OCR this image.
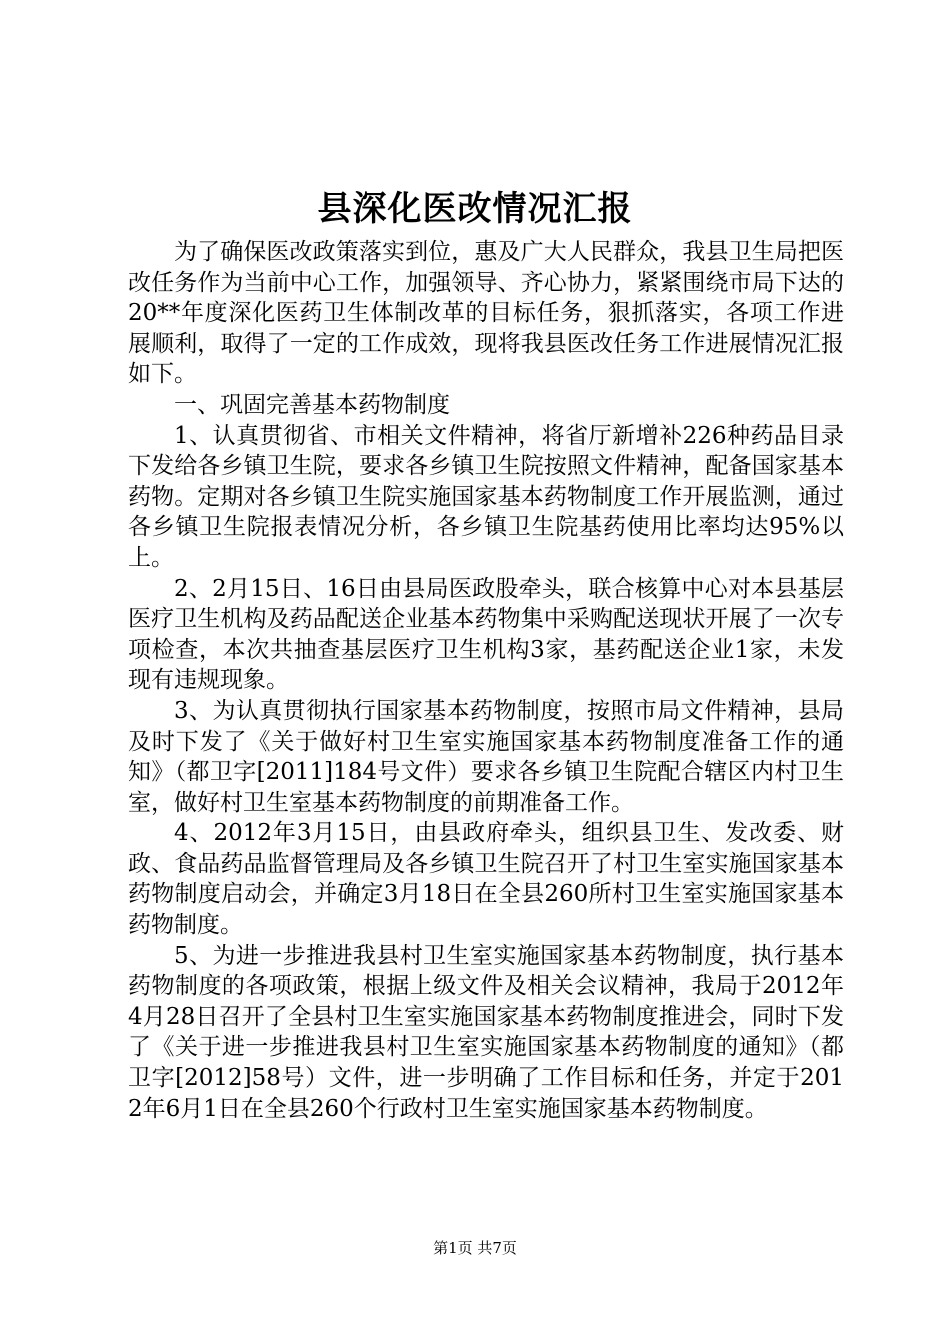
县深化医改情况汇报

为了确保医改政策落实到位，惠及广大人民群众，我县卫生局把医改任务作为当前中心工作，加强领导、齐心协力，紧紧围绕市局下达的20**年度深化医药卫生体制改革的目标任务，狠抓落实，各项工作进展顺利，取得了一定的工作成效，现将我县医改任务工作进展情况汇报如下。

一、巩固完善基本药物制度

1、认真贯彻省、市相关文件精神，将省厅新增补226种药品目录下发给各乡镇卫生院，要求各乡镇卫生院按照文件精神，配备国家基本药物。定期对各乡镇卫生院实施国家基本药物制度工作开展监测，通过各乡镇卫生院报表情况分析，各乡镇卫生院基药使用比率均达95%以上。

2、2月15日、16日由县局医政股牵头，联合核算中心对本县基层医疗卫生机构及药品配送企业基本药物集中采购配送现状开展了一次专项检查，本次共抽查基层医疗卫生机构3家，基药配送企业1家，未发现有违规现象。

3、为认真贯彻执行国家基本药物制度，按照市局文件精神，县局及时下发了《关于做好村卫生室实施国家基本药物制度准备工作的通知》（都卫字[2011]184号文件）要求各乡镇卫生院配合辖区内村卫生室，做好村卫生室基本药物制度的前期准备工作。

4、2012年3月15日，由县政府牵头，组织县卫生、发改委、财政、食品药品监督管理局及各乡镇卫生院召开了村卫生室实施国家基本药物制度启动会，并确定3月18日在全县260所村卫生室实施国家基本药物制度。

5、为进一步推进我县村卫生室实施国家基本药物制度，执行基本药物制度的各项政策，根据上级文件及相关会议精神，我局于2012年4月28日召开了全县村卫生室实施国家基本药物制度推进会，同时下发了《关于进一步推进我县村卫生室实施国家基本药物制度的通知》（都卫字[2012]58号）文件，进一步明确了工作目标和任务，并定于2012年6月1日在全县260个行政村卫生室实施国家基本药物制度。

第1页 共7页
